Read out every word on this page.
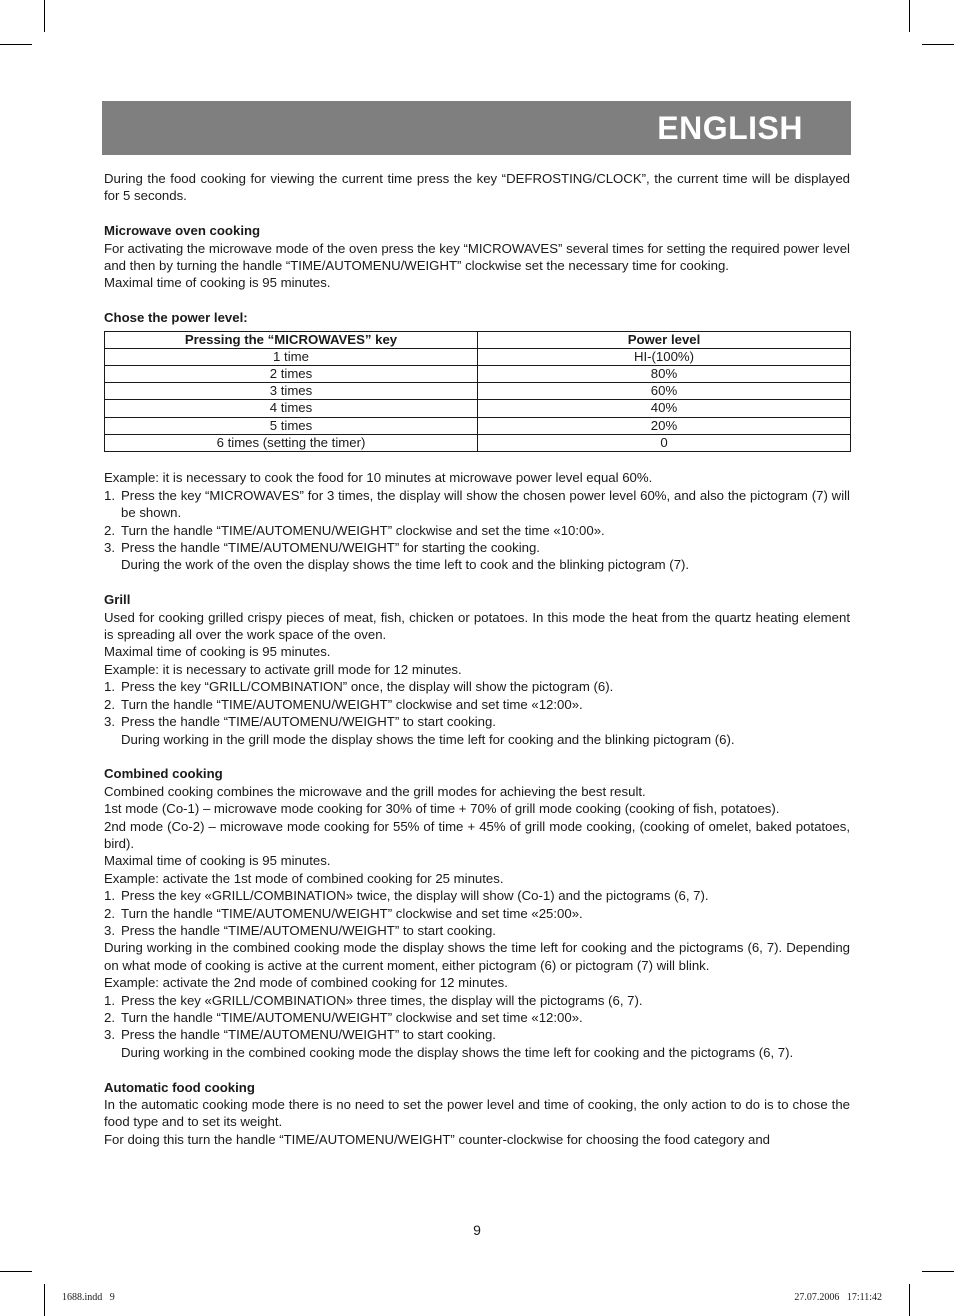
ENGLISH

During the food cooking for viewing the current time press the key “DEFROSTING/CLOCK”, the current time will be displayed for 5 seconds.

Microwave oven cooking

For activating the microwave mode of the oven press the key “MICROWAVES” several times for setting the required power level and then by turning the handle “TIME/AUTOMENU/WEIGHT” clockwise set the necessary time for cooking.

Maximal time of cooking is 95 minutes.

Chose the power level:
Pressing the “MICROWAVES” key	Power level
1 time	HI-(100%)
2 times	80%
3 times	60%
4 times	40%
5 times	20%
6 times (setting the timer)	0

Example: it is necessary to cook the food for 10 minutes at microwave power level equal 60%.

1. Press the key “MICROWAVES” for 3 times, the display will show the chosen power level 60%, and also the pictogram (7) will be shown.
2. Turn the handle “TIME/AUTOMENU/WEIGHT” clockwise and set the time «10:00».
3. Press the handle “TIME/AUTOMENU/WEIGHT” for starting the cooking.

During the work of the oven the display shows the time left to cook and the blinking pictogram (7).

Grill

Used for cooking grilled crispy pieces of meat, fish, chicken or potatoes. In this mode the heat from the quartz heating element is spreading all over the work space of the oven.

Maximal time of cooking is 95 minutes.

Example: it is necessary to activate grill mode for 12 minutes.

1. Press the key “GRILL/COMBINATION” once, the display will show the pictogram (6).
2. Turn the handle “TIME/AUTOMENU/WEIGHT” clockwise and set time «12:00».
3. Press the handle “TIME/AUTOMENU/WEIGHT” to start cooking.

During working in the grill mode the display shows the time left for cooking and the blinking pictogram (6).

Combined cooking

Combined cooking combines the microwave and the grill modes for achieving the best result.

1st mode (Co-1) – microwave mode cooking for 30% of time + 70% of grill mode cooking (cooking of fish, potatoes).

2nd mode (Co-2) – microwave mode cooking for 55% of time + 45% of grill mode cooking, (cooking of omelet, baked potatoes, bird).

Maximal time of cooking is 95 minutes.

Example: activate the 1st mode of combined cooking for 25 minutes.

1. Press the key «GRILL/COMBINATION» twice, the display will show (Co-1) and the pictograms (6, 7).
2. Turn the handle “TIME/AUTOMENU/WEIGHT” clockwise and set time «25:00».
3. Press the handle “TIME/AUTOMENU/WEIGHT” to start cooking.

During working in the combined cooking mode the display shows the time left for cooking and the pictograms (6, 7). Depending on what mode of cooking is active at the current moment, either pictogram (6) or pictogram (7) will blink.

Example: activate the 2nd mode of combined cooking for 12 minutes.

1. Press the key «GRILL/COMBINATION» three times, the display will the pictograms (6, 7).
2. Turn the handle “TIME/AUTOMENU/WEIGHT” clockwise and set time «12:00».
3. Press the handle “TIME/AUTOMENU/WEIGHT” to start cooking.

During working in the combined cooking mode the display shows the time left for cooking and the pictograms (6, 7).

Automatic food cooking

In the automatic cooking mode there is no need to set the power level and time of cooking, the only action to do is to chose the food type and to set its weight.

For doing this turn the handle “TIME/AUTOMENU/WEIGHT” counter-clockwise for choosing the food category and

9
1688.indd   9	27.07.2006   17:11:42
